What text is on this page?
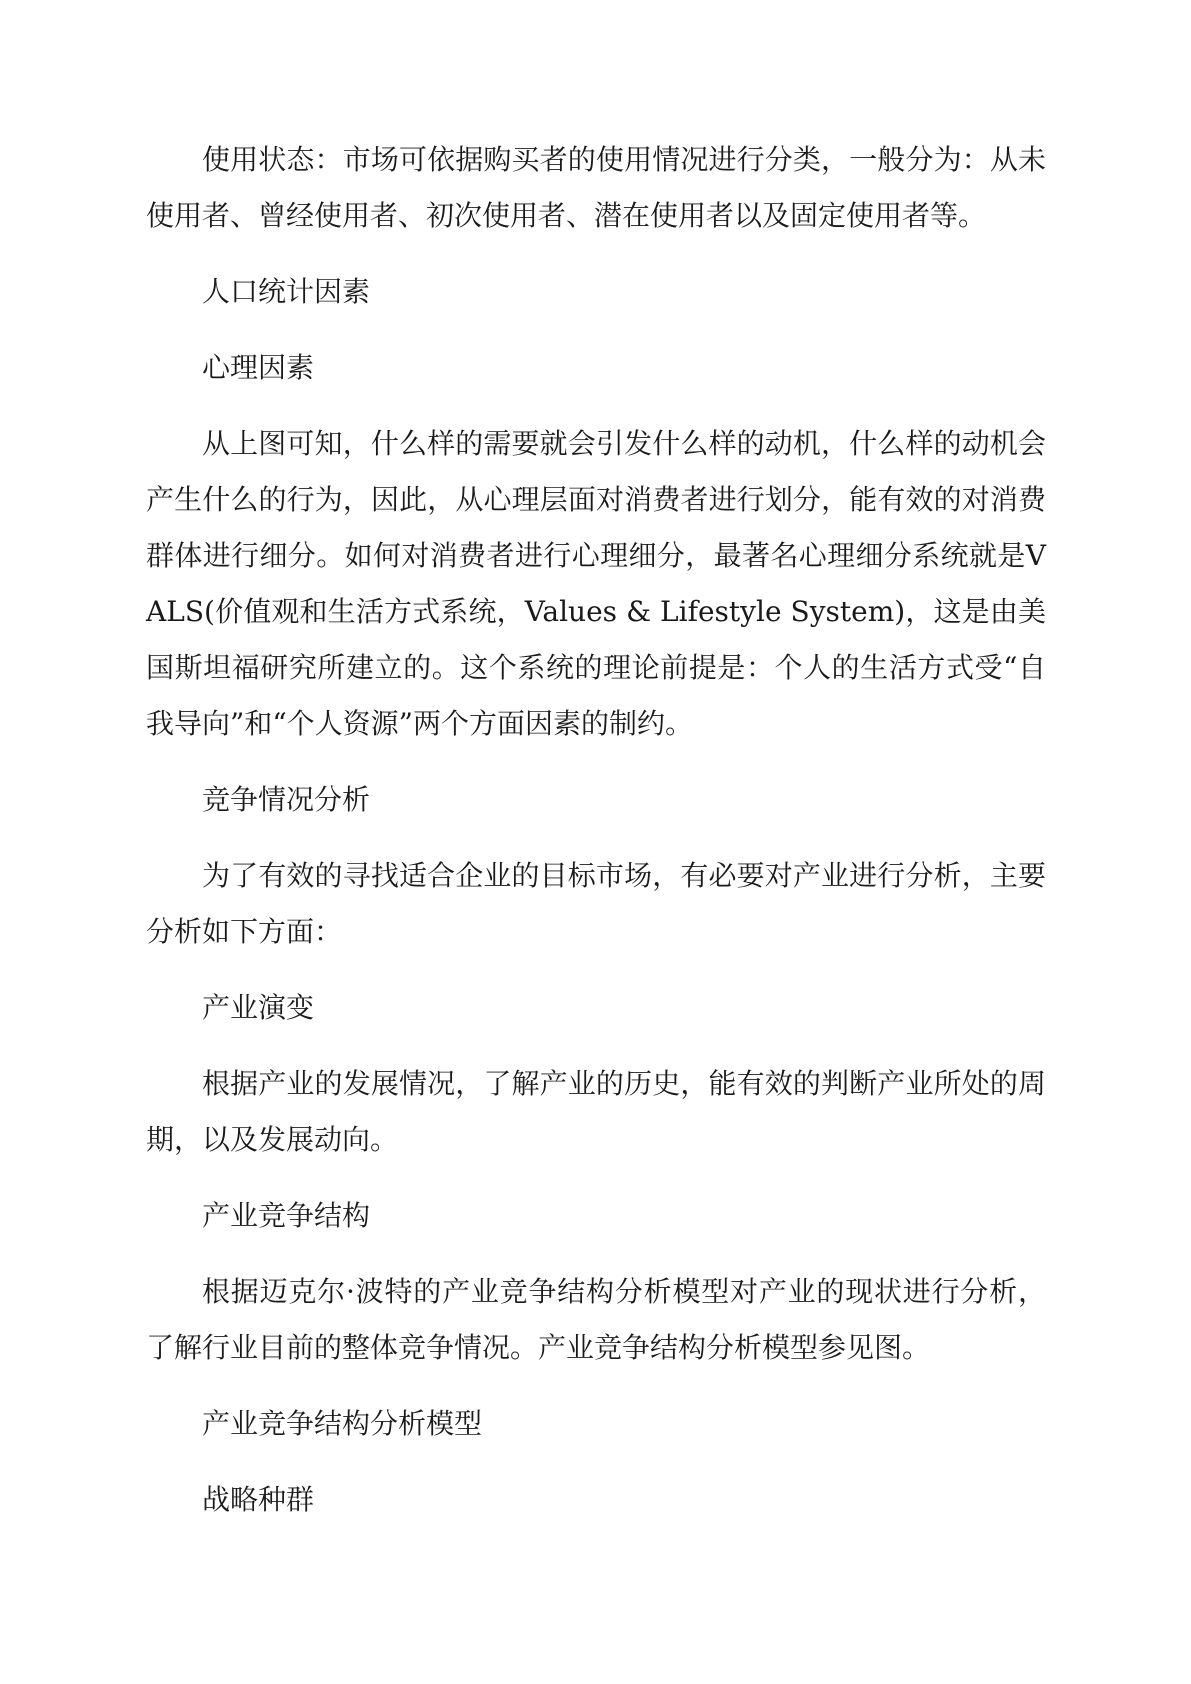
使用状态：市场可依据购买者的使用情况进行分类，一般分为：从未使用者、曾经使用者、初次使用者、潜在使用者以及固定使用者等。

人口统计因素

心理因素

从上图可知，什么样的需要就会引发什么样的动机，什么样的动机会产生什么的行为，因此，从心理层面对消费者进行划分，能有效的对消费群体进行细分。如何对消费者进行心理细分，最著名心理细分系统就是VALS(价值观和生活方式系统，Values & Lifestyle System)，这是由美国斯坦福研究所建立的。这个系统的理论前提是：个人的生活方式受“自我导向”和“个人资源”两个方面因素的制约。

竞争情况分析

为了有效的寻找适合企业的目标市场，有必要对产业进行分析，主要分析如下方面：

产业演变

根据产业的发展情况，了解产业的历史，能有效的判断产业所处的周期，以及发展动向。

产业竞争结构

根据迈克尔·波特的产业竞争结构分析模型对产业的现状进行分析，了解行业目前的整体竞争情况。产业竞争结构分析模型参见图。

产业竞争结构分析模型

战略种群
